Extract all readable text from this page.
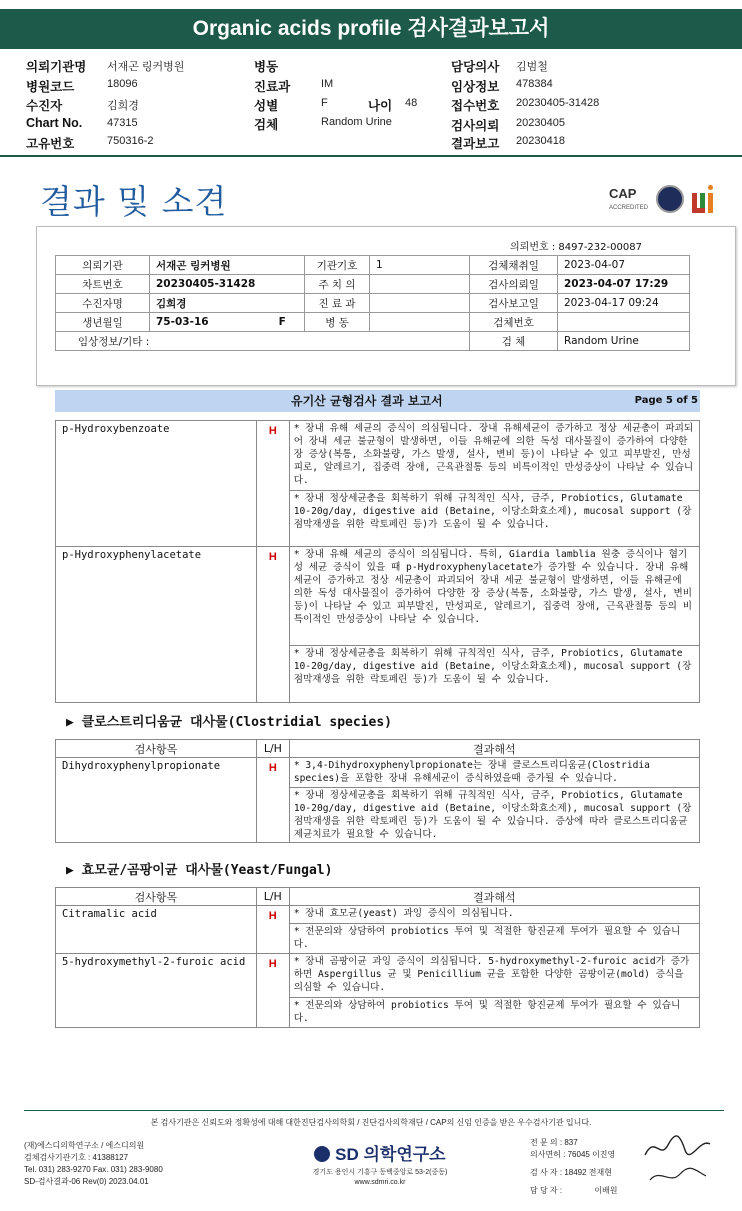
Organic acids profile 검사결과보고서
의뢰기관명 서재곤 링커병원
병원코드	18096
수진자	김희경
Chart No. 47315
고유번호	750316-2
병동
진료과	IM
성별	F
검체	Random Urine
나이 48
담당의사 김범철
임상정보 478384
접수번호 20230405-31428
검사의뢰 20230405
결과보고 20230418
결과 및 소견	CAP
ACCREDITED
의뢰번호 : 8497-232-00087
의뢰기관	서재곤 링커병원	기관기호	1	검체채취일	2023-04-07
차트번호	20230405-31428	주 치 의		검사의뢰일	2023-04-07 17:29
수진자명	김희경	진 료 과		검사보고일	2023-04-17 09:24
생년월일	75-03-16 F	병 동		검체번호	
임상정보/기타 :				검 체	Random Urine
유기산 균형검사 결과 보고서	Page 5 of 5
p-Hydroxybenzoate	H	* 장내 유해 세균의 증식이 의심됩니다. 장내 유해세균이 증가하고 정상 세균총이 파괴되어 장내 세균 불균형이 발생하면, 이들 유해균에 의한 독성 대사물질이 증가하여 다양한 장 증상(복통, 소화불량, 가스 발생, 설사, 변비 등)이 나타날 수 있고 피부발진, 만성피로, 알레르기, 집중력 장애, 근육관절통 등의 비특이적인 만성증상이 나타날 수 있습니다.
		* 장내 정상세균총을 회복하기 위해 규칙적인 식사, 금주, Probiotics, Glutamate 10-20g/day, digestive aid (Betaine, 이당소화효소제), mucosal support (장점막재생을 위한 락토페린 등)가 도움이 될 수 있습니다.
p-Hydroxyphenylacetate	H	* 장내 유해 세균의 증식이 의심됩니다. 특히, Giardia lamblia 원충 증식이나 혐기성 세균 증식이 있을 때 p-Hydroxyphenylacetate가 증가할 수 있습니다. 장내 유해세균이 증가하고 정상 세균총이 파괴되어 장내 세균 불균형이 발생하면, 이들 유해균에 의한 독성 대사물질이 증가하여 다양한 장 증상(복통, 소화불량, 가스 발생, 설사, 변비 등)이 나타날 수 있고 피부발진, 만성피로, 알레르기, 집중력 장애, 근육관절통 등의 비특이적인 만성증상이 나타날 수 있습니다.
		* 장내 정상세균총을 회복하기 위해 규칙적인 식사, 금주, Probiotics, Glutamate 10-20g/day, digestive aid (Betaine, 이당소화효소제), mucosal support (장점막재생을 위한 락토페린 등)가 도움이 될 수 있습니다.
▶ 클로스트리디움균 대사물(Clostridial species)
검사항목	L/H	결과해석
Dihydroxyphenylpropionate	H	* 3,4-Dihydroxyphenylpropionate는 장내 클로스트리디움균(Clostridia species)을 포함한 장내 유해세균이 증식하였을때 증가될 수 있습니다.
		* 장내 정상세균총을 회복하기 위해 규칙적인 식사, 금주, Probiotics, Glutamate 10-20g/day, digestive aid (Betaine, 이당소화효소제), mucosal support (장점막재생을 위한 락토페린 등)가 도움이 될 수 있습니다. 증상에 따라 클로스트리디움균 제균치료가 필요할 수 있습니다.
▶ 효모균/곰팡이균 대사물(Yeast/Fungal)
검사항목	L/H	결과해석
Citramalic acid	H	* 장내 효모균(yeast) 과잉 증식이 의심됩니다.
		* 전문의와 상담하여 probiotics 투여 및 적절한 항진균제 투여가 필요할 수 있습니다.
5-hydroxymethyl-2-furoic acid	H	* 장내 곰팡이균 과잉 증식이 의심됩니다. 5-hydroxymethyl-2-furoic acid가 증가하면 Aspergillus 균 및 Penicillium 균을 포함한 다양한 곰팡이균(mold) 증식을 의심할 수 있습니다.
		* 전문의와 상담하여 probiotics 투여 및 적절한 항진균제 투여가 필요할 수 있습니다.
본 검사기관은 신뢰도와 정확성에 대해 대한진단검사의학회 / 진단검사의학재단 / CAP의 신임 인증을 받은 우수검사기관 입니다.
(재)에스디의학연구소 / 에스디의원
검체검사기관기호 : 41388127
Tel. 031) 283-9270 Fax. 031) 283-9080
SD-검사결과-06 Rev(0) 2023.04.01
SD 의학연구소
경기도 용인시 기흥구 동백중앙로 53-2(중동)
www.sdmri.co.kr
전 문 의 : 837
의사면허 : 76045 이진영
검 사 자 : 18492 전재현
담 당 자 :	이배원
